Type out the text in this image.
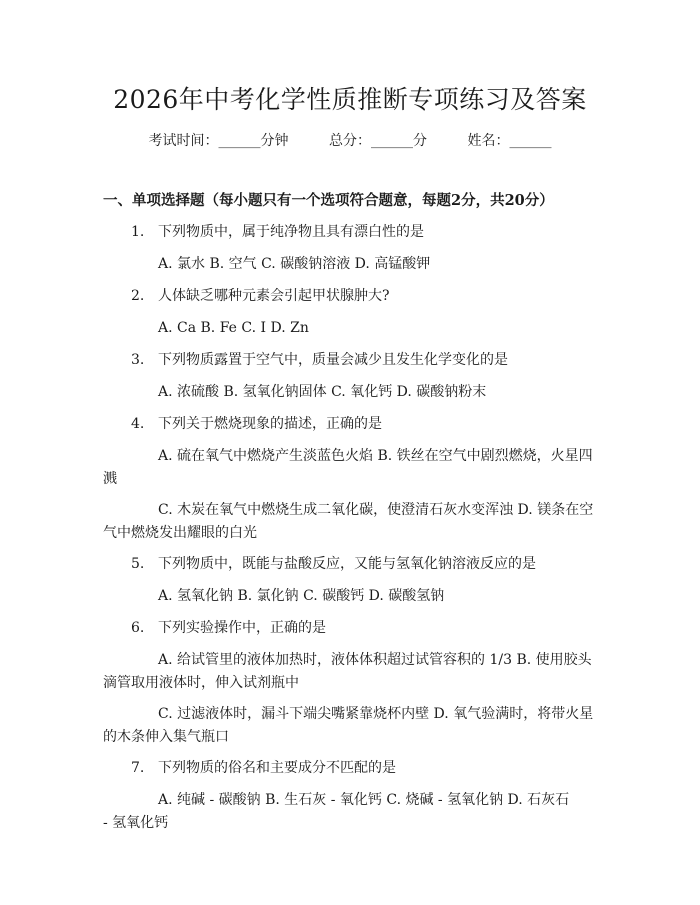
2026年中考化学性质推断专项练习及答案
考试时间：______分钟	总分：______分	姓名：______
一、单项选择题（每小题只有一个选项符合题意，每题2分，共20分）
1. 下列物质中，属于纯净物且具有漂白性的是
A. 氯水 B. 空气 C. 碳酸钠溶液 D. 高锰酸钾
2. 人体缺乏哪种元素会引起甲状腺肿大?
A. Ca B. Fe C. I D. Zn
3. 下列物质露置于空气中，质量会减少且发生化学变化的是
A. 浓硫酸 B. 氢氧化钠固体 C. 氧化钙 D. 碳酸钠粉末
4. 下列关于燃烧现象的描述，正确的是
A. 硫在氧气中燃烧产生淡蓝色火焰 B. 铁丝在空气中剧烈燃烧，火星四
溅
C. 木炭在氧气中燃烧生成二氧化碳，使澄清石灰水变浑浊 D. 镁条在空
气中燃烧发出耀眼的白光
5. 下列物质中，既能与盐酸反应，又能与氢氧化钠溶液反应的是
A. 氢氧化钠 B. 氯化钠 C. 碳酸钙 D. 碳酸氢钠
6. 下列实验操作中，正确的是
A. 给试管里的液体加热时，液体体积超过试管容积的 1/3 B. 使用胶头
滴管取用液体时，伸入试剂瓶中
C. 过滤液体时，漏斗下端尖嘴紧靠烧杯内壁 D. 氧气验满时，将带火星
的木条伸入集气瓶口
7. 下列物质的俗名和主要成分不匹配的是
A. 纯碱 - 碳酸钠 B. 生石灰 - 氧化钙 C. 烧碱 - 氢氧化钠 D. 石灰石
- 氢氧化钙
